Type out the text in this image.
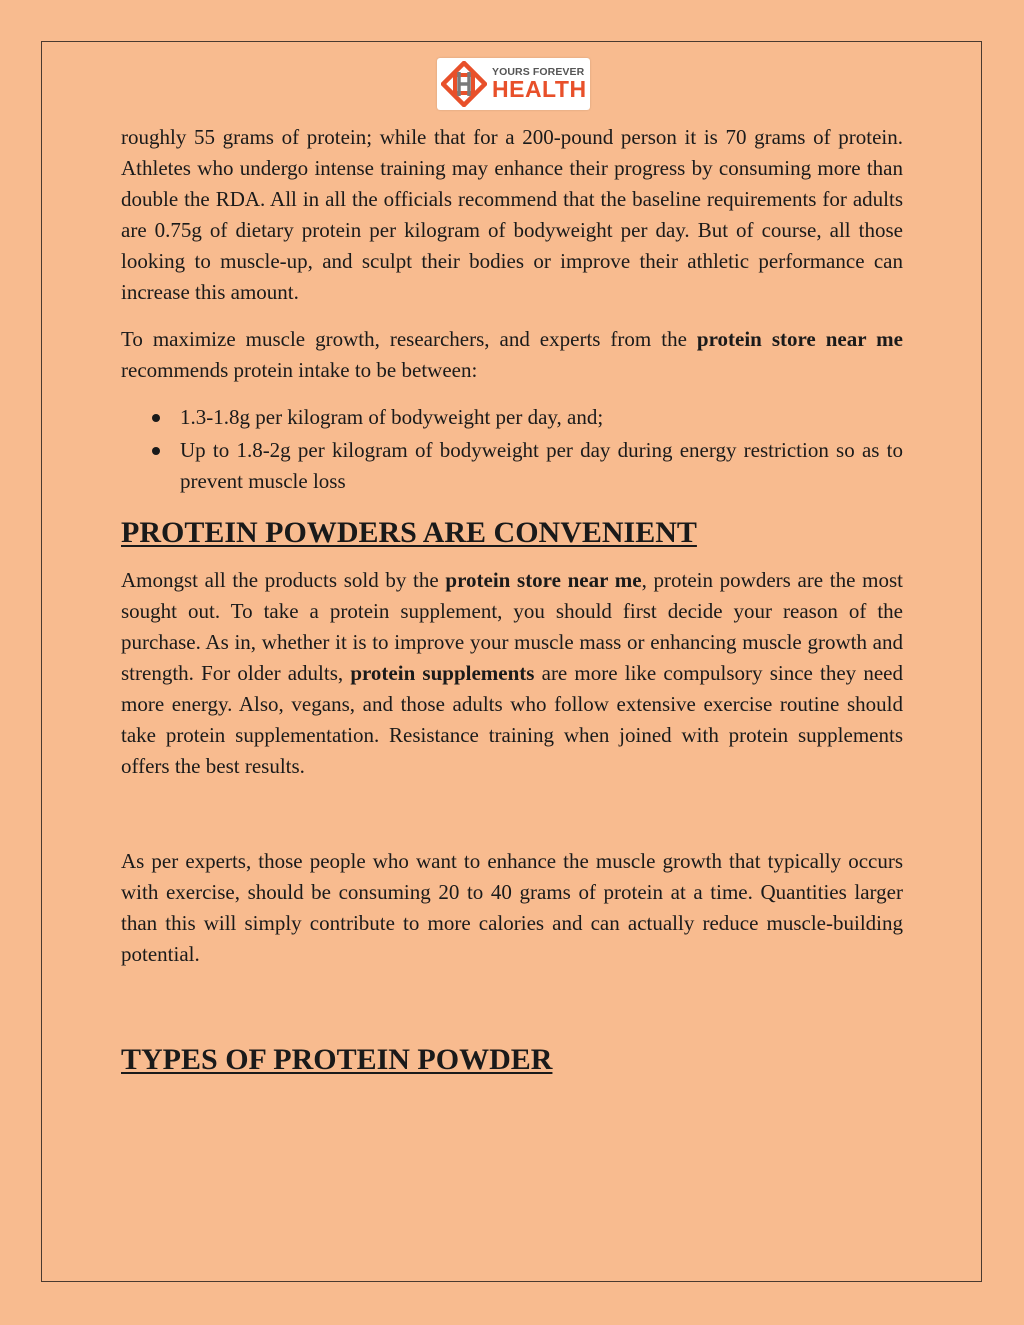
YOURS FOREVER
HEALTH

roughly 55 grams of protein; while that for a 200-pound person it is 70 grams of protein. Athletes who undergo intense training may enhance their progress by consuming more than double the RDA. All in all the officials recommend that the baseline requirements for adults are 0.75g of dietary protein per kilogram of bodyweight per day. But of course, all those looking to muscle-up, and sculpt their bodies or improve their athletic performance can increase this amount.

To maximize muscle growth, researchers, and experts from the protein store near me recommends protein intake to be between:

1.3-1.8g per kilogram of bodyweight per day, and;
Up to 1.8-2g per kilogram of bodyweight per day during energy restriction so as to prevent muscle loss
PROTEIN POWDERS ARE CONVENIENT

Amongst all the products sold by the protein store near me, protein powders are the most sought out. To take a protein supplement, you should first decide your reason of the purchase. As in, whether it is to improve your muscle mass or enhancing muscle growth and strength. For older adults, protein supplements are more like compulsory since they need more energy. Also, vegans, and those adults who follow extensive exercise routine should take protein supplementation. Resistance training when joined with protein supplements offers the best results.

As per experts, those people who want to enhance the muscle growth that typically occurs with exercise, should be consuming 20 to 40 grams of protein at a time. Quantities larger than this will simply contribute to more calories and can actually reduce muscle-building potential.

TYPES OF PROTEIN POWDER
